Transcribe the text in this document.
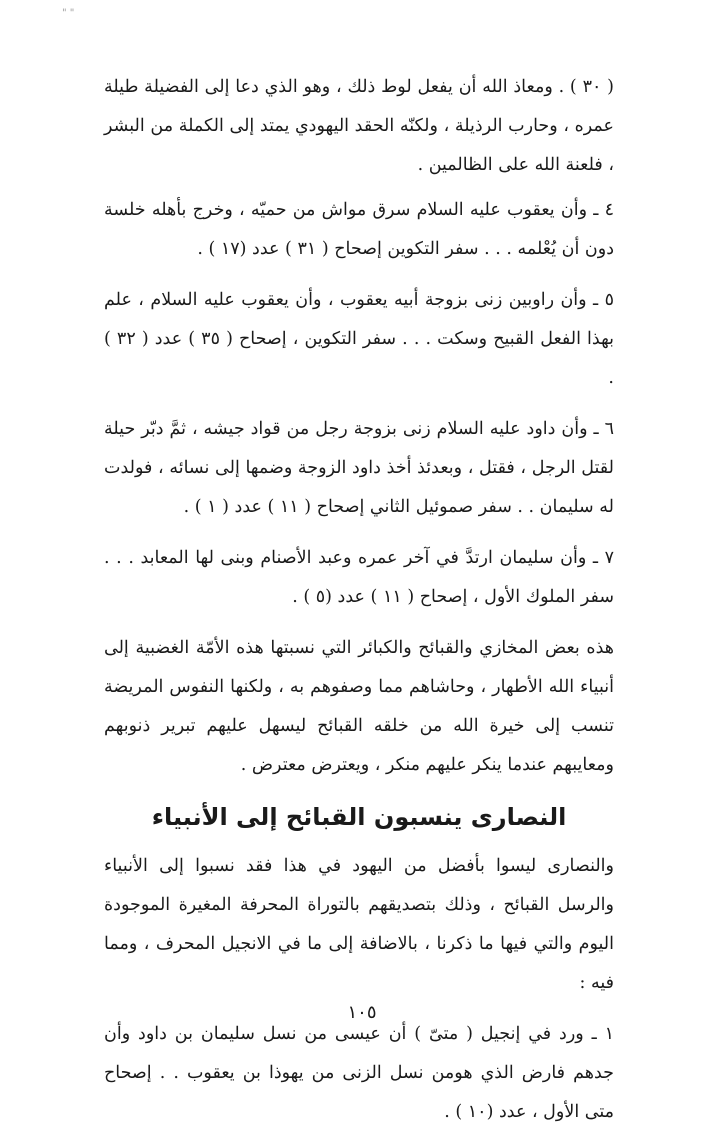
" "

( ٣٠ ) . ومعاذ الله أن يفعل لوط ذلك ، وهو الذي دعا إلى الفضيلة طيلة عمره ، وحارب الرذيلة ، ولكنّه الحقد اليهودي يمتد إلى الكملة من البشر ، فلعنة الله على الظالمين .

٤ ـ وأن يعقوب عليه السلام سرق مواش من حميّه ، وخرج بأهله خلسة دون أن يُعْلمه . . . سفر التكوين إصحاح ( ٣١ ) عدد (١٧ ) .

٥ ـ وأن راوبين زنى بزوجة أبيه يعقوب ، وأن يعقوب عليه السلام ، علم بهذا الفعل القبيح وسكت . . . سفر التكوين ، إصحاح ( ٣٥ ) عدد ( ٣٢ ) .

٦ ـ وأن داود عليه السلام زنى بزوجة رجل من قواد جيشه ، ثمَّ دبّر حيلة لقتل الرجل ، فقتل ، وبعدئذ أخذ داود الزوجة وضمها إلى نسائه ، فولدت له سليمان . . سفر صموئيل الثاني إصحاح ( ١١ ) عدد ( ١ ) .

٧ ـ وأن سليمان ارتدَّ في آخر عمره وعبد الأصنام وبنى لها المعابد . . . سفر الملوك الأول ، إصحاح ( ١١ ) عدد (٥ ) .

هذه بعض المخازي والقبائح والكبائر التي نسبتها هذه الأمّة الغضبية إلى أنبياء الله الأطهار ، وحاشاهم مما وصفوهم به ، ولكنها النفوس المريضة تنسب إلى خيرة الله من خلقه القبائح ليسهل عليهم تبرير ذنوبهم ومعايبهم عندما ينكر عليهم منكر ، ويعترض معترض .

النصارى ينسبون القبائح إلى الأنبياء

والنصارى ليسوا بأفضل من اليهود في هذا فقد نسبوا إلى الأنبياء والرسل القبائح ، وذلك بتصديقهم بالتوراة المحرفة المغيرة الموجودة اليوم والتي فيها ما ذكرنا ، بالاضافة إلى ما في الانجيل المحرف ، ومما فيه :

١ ـ ورد في إنجيل ( متىّ ) أن عيسى من نسل سليمان بن داود وأن جدهم فارض الذي هومن نسل الزنى من يهوذا بن يعقوب . . إصحاح متى الأول ، عدد (١٠ ) .

١٠٥
